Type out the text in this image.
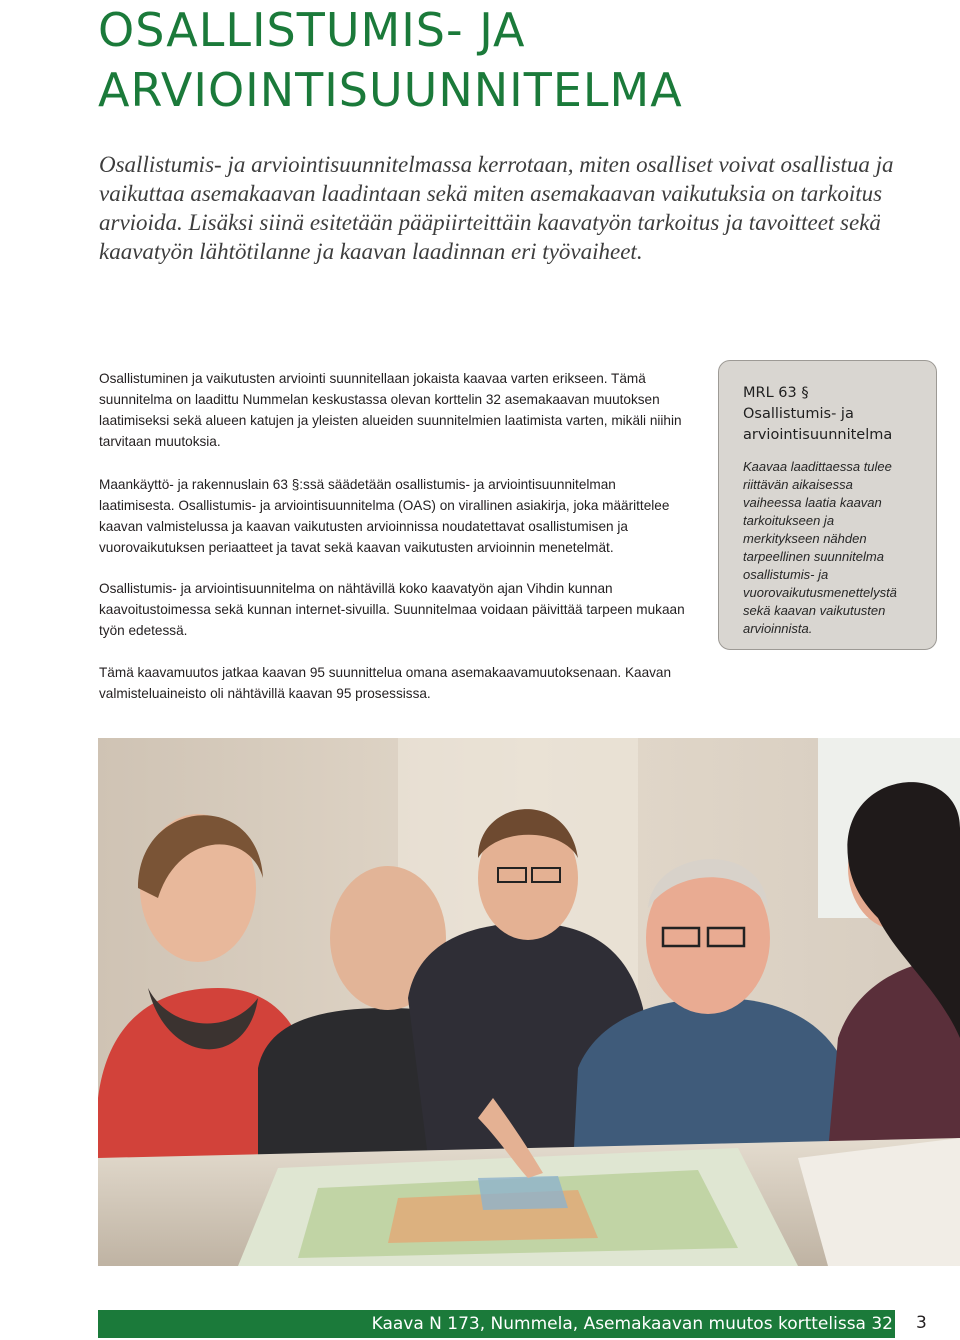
OSALLISTUMIS- JA
ARVIOINTISUUNNITELMA

Osallistumis- ja arviointisuunnitelmassa kerrotaan, miten osalliset voivat osallistua ja vaikuttaa asemakaavan laadintaan sekä miten asemakaavan vaikutuksia on tarkoitus arvioida. Lisäksi siinä esitetään pääpiirteittäin kaavatyön tarkoitus ja tavoitteet sekä kaavatyön lähtötilanne ja kaavan laadinnan eri työvaiheet.

Osallistuminen ja vaikutusten arviointi suunnitellaan jokaista kaavaa varten erikseen. Tämä suunnitelma on laadittu Nummelan keskustassa olevan korttelin 32 asemakaavan muutoksen laatimiseksi sekä alueen katujen ja yleisten alueiden suunnitelmien laatimista varten, mikäli niihin tarvitaan muutoksia.

Maankäyttö- ja rakennuslain 63 §:ssä säädetään osallistumis- ja arviointisuunnitelman laatimisesta. Osallistumis- ja arviointisuunnitelma (OAS) on virallinen asiakirja, joka määrittelee kaavan valmistelussa ja kaavan vaikutusten arvioinnissa noudatettavat osallistumisen ja vuorovaikutuksen periaatteet ja tavat sekä kaavan vaikutusten arvioinnin menetelmät.

Osallistumis- ja arviointisuunnitelma on nähtävillä koko kaavatyön ajan Vihdin kunnan kaavoitustoimessa sekä kunnan internet-sivuilla. Suunnitelmaa voidaan päivittää tarpeen mukaan työn edetessä.

Tämä kaavamuutos jatkaa kaavan 95 suunnittelua omana asemakaavamuutoksenaan. Kaavan valmisteluaineisto oli nähtävillä kaavan 95 prosessissa.

MRL 63 §
Osallistumis- ja
arviointisuunnitelma

Kaavaa laadittaessa tulee riittävän aikaisessa vaiheessa laatia kaavan tarkoitukseen ja merkitykseen nähden tarpeellinen suunnitelma osallistumis- ja vuorovaikutusmenettelystä sekä kaavan vaikutusten arvioinnista.

Kaava N 173, Nummela, Asemakaavan muutos korttelissa 32 3
